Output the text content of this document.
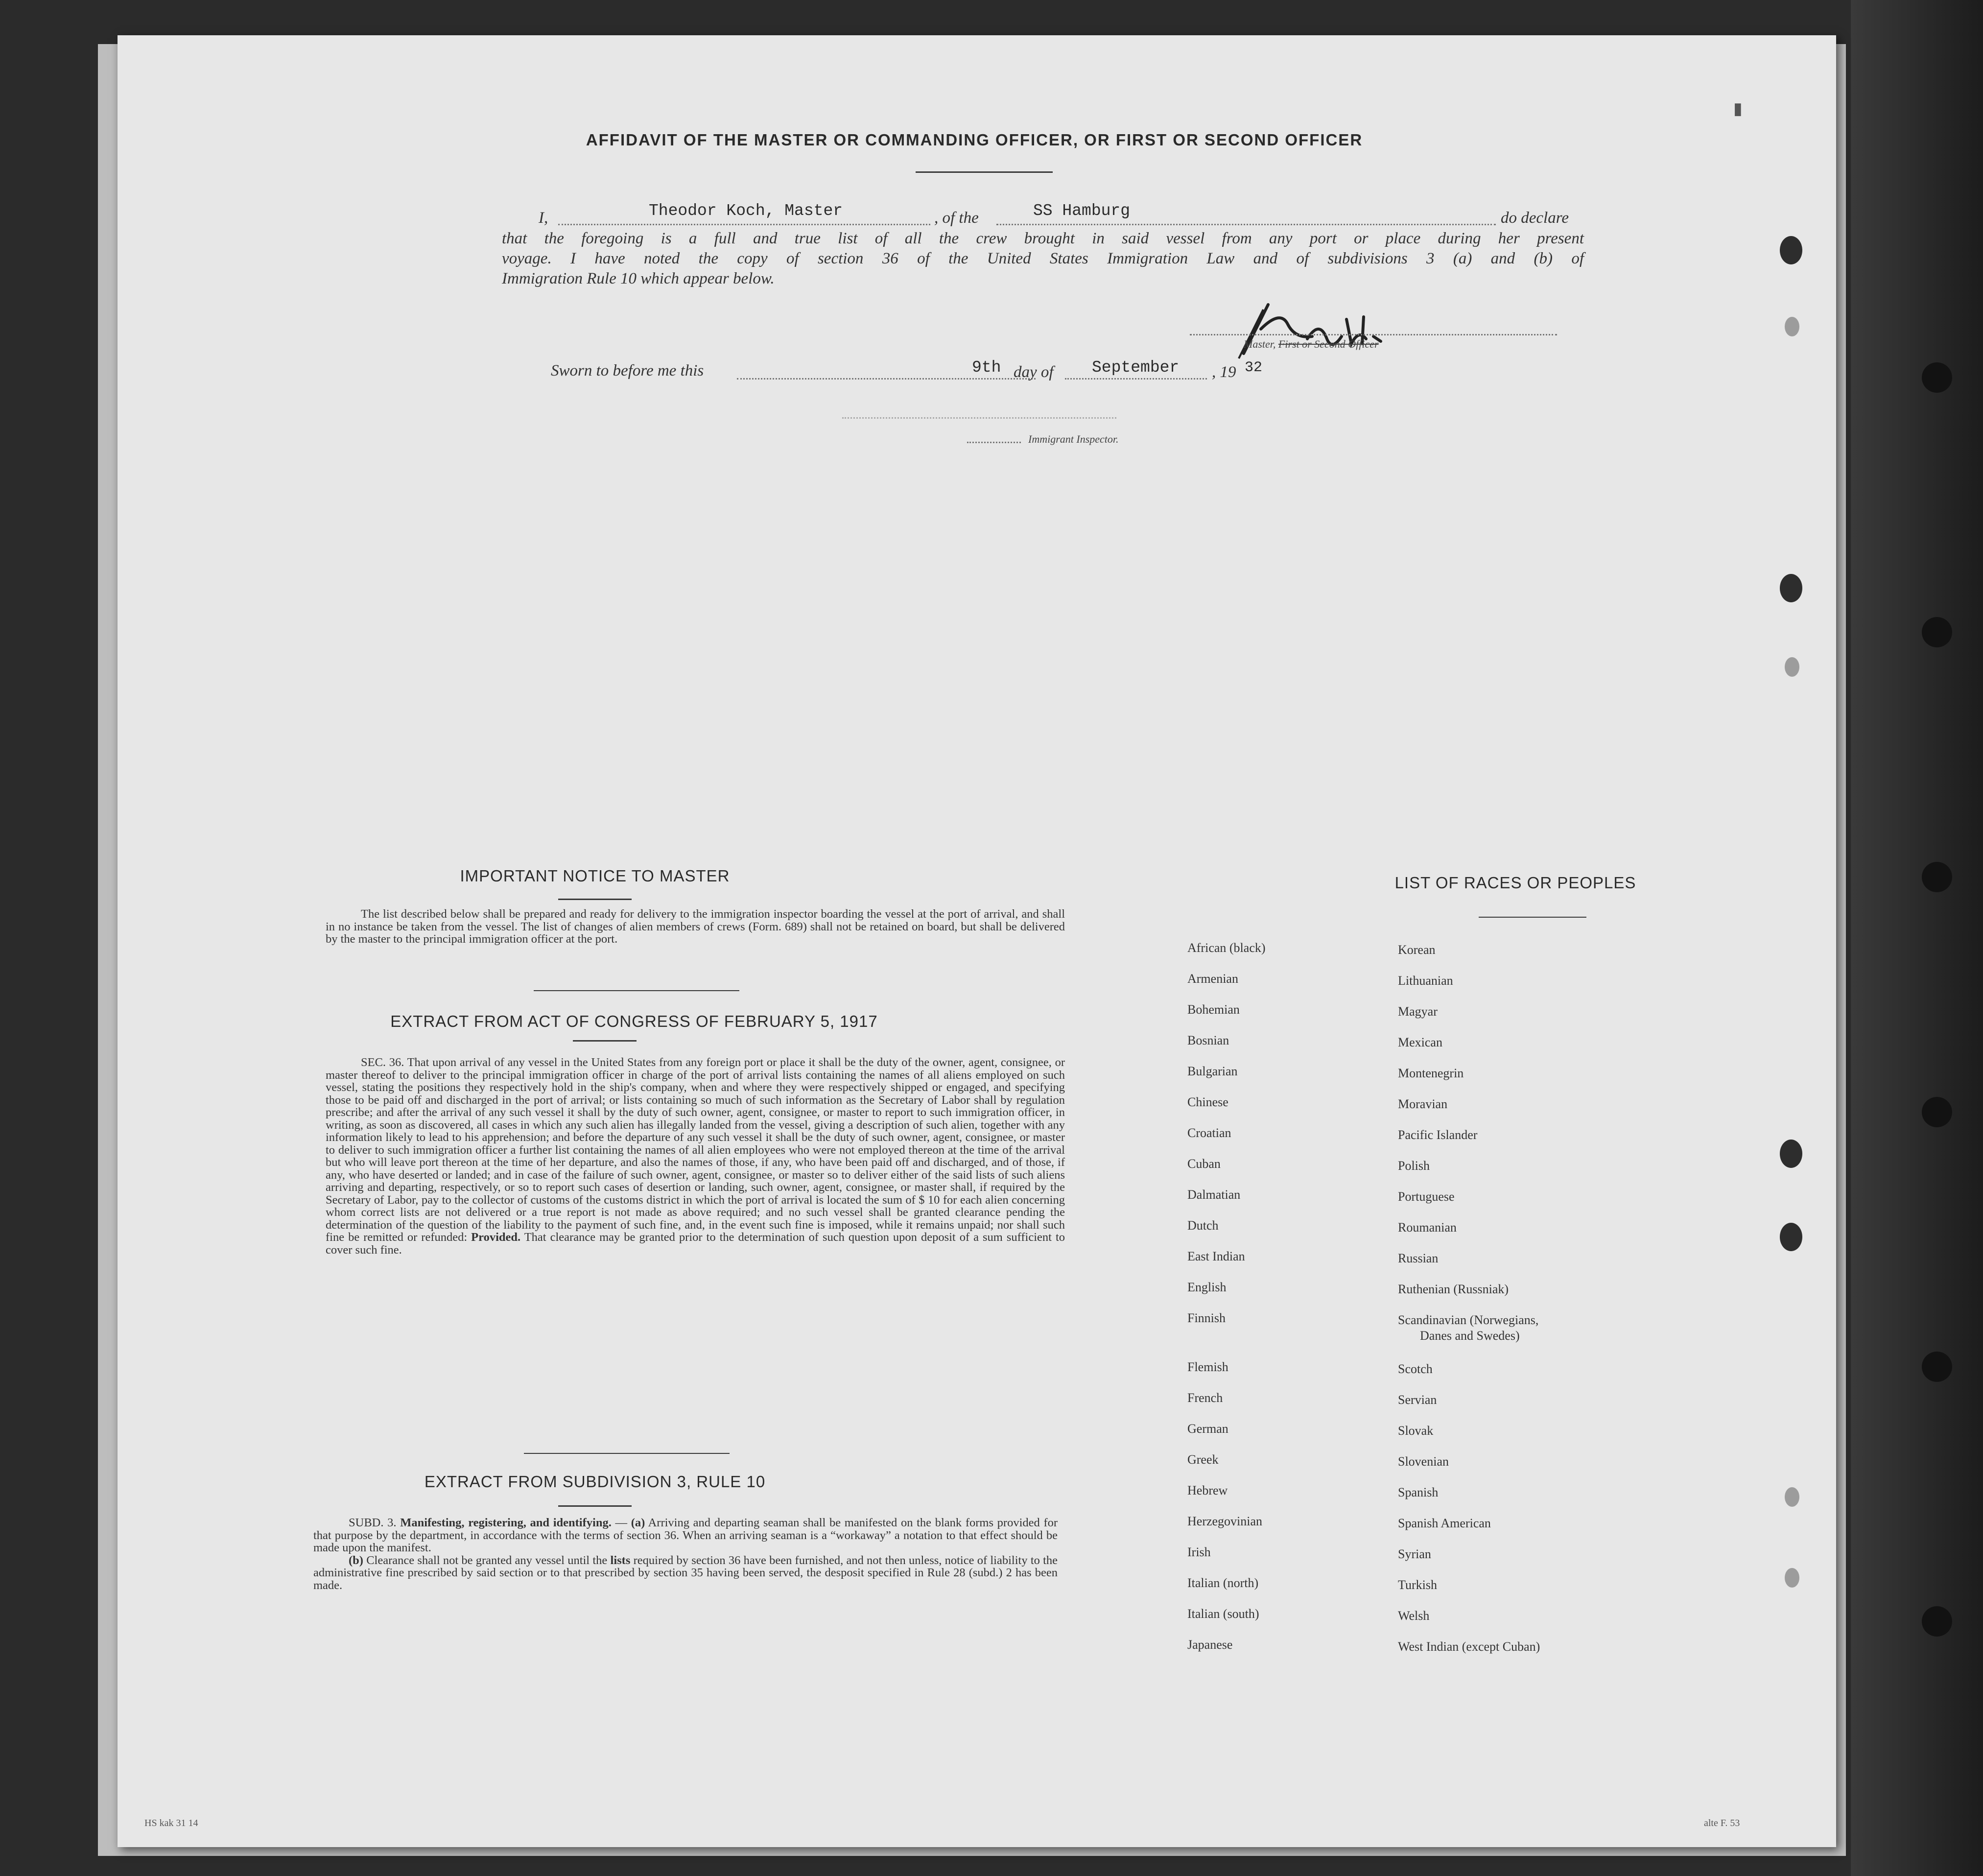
▮
AFFIDAVIT OF THE MASTER OR COMMANDING OFFICER, OR FIRST OR SECOND OFFICER
I,	Theodor Koch, Master	, of the	SS Hamburg	do declare
that the foregoing is a full and true list of all the crew brought in said vessel from any port or place during her present
voyage. I have noted the copy of section 36 of the United States Immigration Law and of subdivisions 3 (a) and (b) of
Immigration Rule 10 which appear below.
Master, First or Second Officer
Sworn to before me this	9th day of September , 19 32
Immigrant Inspector.
IMPORTANT NOTICE TO MASTER

The list described below shall be prepared and ready for delivery to the immigration inspector boarding the vessel at the port of arrival, and shall in no instance be taken from the vessel. The list of changes of alien members of crews (Form. 689) shall not be retained on board, but shall be delivered by the master to the principal immigration officer at the port.

EXTRACT FROM ACT OF CONGRESS OF FEBRUARY 5, 1917

SEC. 36. That upon arrival of any vessel in the United States from any foreign port or place it shall be the duty of the owner, agent, consignee, or master thereof to deliver to the principal immigration officer in charge of the port of arrival lists containing the names of all aliens employed on such vessel, stating the positions they respectively hold in the ship's company, when and where they were respectively shipped or engaged, and specifying those to be paid off and discharged in the port of arrival; or lists containing so much of such information as the Secretary of Labor shall by regulation prescribe; and after the arrival of any such vessel it shall by the duty of such owner, agent, consignee, or master to report to such immigration officer, in writing, as soon as discovered, all cases in which any such alien has illegally landed from the vessel, giving a description of such alien, together with any information likely to lead to his apprehension; and before the departure of any such vessel it shall be the duty of such owner, agent, consignee, or master to deliver to such immigration officer a further list containing the names of all alien employees who were not employed thereon at the time of the arrival but who will leave port thereon at the time of her departure, and also the names of those, if any, who have been paid off and discharged, and of those, if any, who have deserted or landed; and in case of the failure of such owner, agent, consignee, or master so to deliver either of the said lists of such aliens arriving and departing, respectively, or so to report such cases of desertion or landing, such owner, agent, consignee, or master shall, if required by the Secretary of Labor, pay to the collector of customs of the customs district in which the port of arrival is located the sum of $ 10 for each alien concerning whom correct lists are not delivered or a true report is not made as above required; and no such vessel shall be granted clearance pending the determination of the question of the liability to the payment of such fine, and, in the event such fine is imposed, while it remains unpaid; nor shall such fine be remitted or refunded: Provided. That clearance may be granted prior to the determination of such question upon deposit of a sum sufficient to cover such fine.

EXTRACT FROM SUBDIVISION 3, RULE 10

SUBD. 3. Manifesting, registering, and identifying. — (a) Arriving and departing seaman shall be manifested on the blank forms provided for that purpose by the department, in accordance with the terms of section 36. When an arriving seaman is a “workaway” a notation to that effect should be made upon the manifest.
(b) Clearance shall not be granted any vessel until the lists required by section 36 have been furnished, and not then unless, notice of liability to the administrative fine prescribed by said section or to that prescribed by section 35 having been served, the desposit specified in Rule 28 (subd.) 2 has been made.

LIST OF RACES OR PEOPLES
African (black)
Armenian
Bohemian
Bosnian
Bulgarian
Chinese
Croatian
Cuban
Dalmatian
Dutch
East Indian
English
Finnish
Flemish
French
German
Greek
Hebrew
Herzegovinian
Irish
Italian (north)
Italian (south)
Japanese
Korean
Lithuanian
Magyar
Mexican
Montenegrin
Moravian
Pacific Islander
Polish
Portuguese
Roumanian
Russian
Ruthenian (Russniak)
Scandinavian (Norwegians,
Danes and Swedes)
Scotch
Servian
Slovak
Slovenian
Spanish
Spanish American
Syrian
Turkish
Welsh
West Indian (except Cuban)
HS kak 31 14	alte F. 53
